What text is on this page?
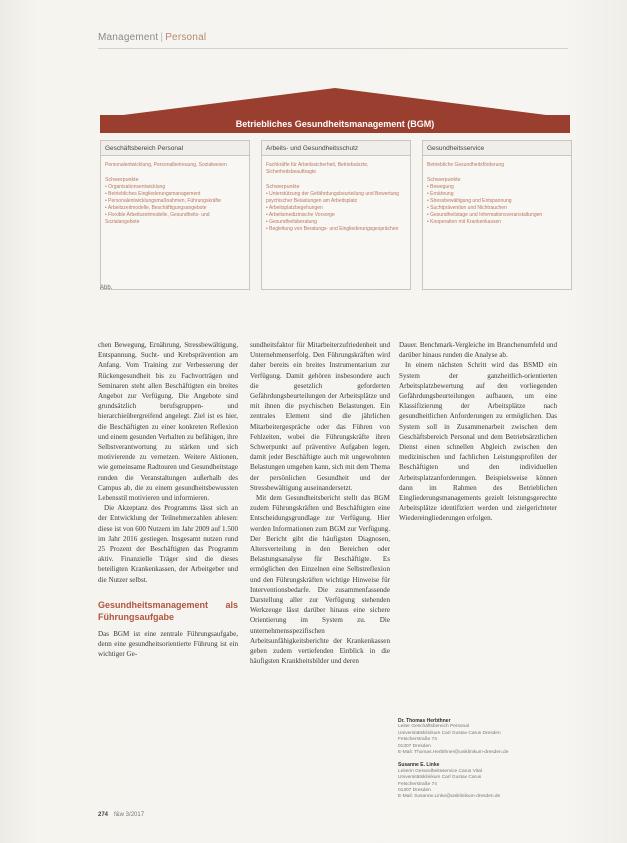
Management | Personal
Betriebliches Gesundheitsmanagement (BGM)
Geschäftsbereich Personal
Personalentwicklung, Personalbetreuung, Sozialwesen
Schwerpunkte
• Organisationsentwicklung
• Betriebliches Eingliederungsmanagement
• Personalentwicklungsmaßnahmen, Führungskräfte
• Arbeitszeitmodelle, Beschäftigungsangebote
• Flexible Arbeitszeitmodelle, Gesundheits- und Sozialangebote
Arbeits- und Gesundheitsschutz
Fachkräfte für Arbeitssicherheit, Betriebsärzte, Sicherheitsbeauftragte
Schwerpunkte
• Unterstützung der Gefährdungsbeurteilung und Bewertung psychischer Belastungen am Arbeitsplatz
• Arbeitsplatzbegehungen
• Arbeitsmedizinische Vorsorge
• Gesundheitsberatung
• Begleitung von Beratungs- und Eingliederungsgesprächen
Gesundheitsservice
Betriebliche Gesundheitsförderung
Schwerpunkte
• Bewegung
• Ernährung
• Stressbewältigung und Entspannung
• Suchtprävention und Nichtrauchen
• Gesundheitstage und Informationsveranstaltungen
• Kooperation mit Krankenkassen
Abb.

chen Bewegung, Ernährung, Stressbewältigung, Entspannung, Sucht- und Krebsprävention am Anfang. Vom Training zur Verbesserung der Rückengesundheit bis zu Fachvorträgen und Seminaren steht allen Beschäftigten ein breites Angebot zur Verfügung. Die Angebote sind grundsätzlich berufsgruppen- und hierarchieübergreifend angelegt. Ziel ist es hier, die Beschäftigten zu einer konkreten Reflexion und einem gesunden Verhalten zu befähigen, ihre Selbstverantwortung zu stärken und sich motivierende zu vernetzen. Weitere Aktionen, wie gemeinsame Radtouren und Gesundheitstage runden die Veranstaltungen außerhalb des Campus ab, die zu einem gesundheitsbewussten Lebensstil motivieren und informieren.

Die Akzeptanz des Programms lässt sich an der Entwicklung der Teilnehmerzahlen ablesen: diese ist von 600 Nutzern im Jahr 2009 auf 1.500 im Jahr 2016 gestiegen. Insgesamt nutzen rund 25 Prozent der Beschäftigten das Programm aktiv. Finanzielle Träger sind die dieses beteiligten Krankenkassen, der Arbeitgeber und die Nutzer selbst.

Gesundheitsmanagement als Führungsaufgabe

Das BGM ist eine zentrale Führungsaufgabe, denn eine gesundheitsorientierte Führung ist ein wichtiger Ge-

sundheitsfaktor für Mitarbeiterzufriedenheit und Unternehmenserfolg. Den Führungskräften wird daher bereits ein breites Instrumentarium zur Verfügung. Damit gehören insbesondere auch die gesetzlich geforderten Gefährdungsbeurteilungen der Arbeitsplätze und mit ihnen die psychischen Belastungen. Ein zentrales Element sind die jährlichen Mitarbeitergespräche oder das Führen von Fehlzeiten, wobei die Führungskräfte ihren Schwerpunkt auf präventive Aufgaben legen, damit jeder Beschäftigte auch mit ungewohnten Belastungen umgehen kann, sich mit dem Thema der persönlichen Gesundheit und der Stressbewältigung auseinandersetzt.

Mit dem Gesundheitsbericht stellt das BGM zudem Führungskräften und Beschäftigten eine Entscheidungsgrundlage zur Verfügung. Hier werden Informationen zum BGM zur Verfügung. Der Bericht gibt die häufigsten Diagnosen, Altersverteilung in den Bereichen oder Belastungsanalyse für Beschäftigte. Es ermöglichen den Einzelnen eine Selbstreflexion und den Führungskräften wichtige Hinweise für Interventionsbedarfe. Die zusammenfassende Darstellung aller zur Verfügung stehenden Werkzeuge lässt darüber hinaus eine sichere Orientierung im System zu. Die unternehmensspezifischen Arbeitsunfähigkeitsberichte der Krankenkassen geben zudem vertiefenden Einblick in die häufigsten Krankheitsbilder und deren

Dauer. Benchmark-Vergleiche im Branchenumfeld und darüber hinaus runden die Analyse ab.

In einem nächsten Schritt wird das BSMD ein System der ganzheitlich-orientierten Arbeitsplatzbewertung auf den vorliegenden Gefährdungsbeurteilungen aufbauen, um eine Klassifizierung der Arbeitsplätze nach gesundheitlichen Anforderungen zu ermöglichen. Das System soll in Zusammenarbeit zwischen dem Geschäftsbereich Personal und dem Betriebsärztlichen Dienst einen schnellen Abgleich zwischen den medizinischen und fachlichen Leistungsprofilen der Beschäftigten und den individuellen Arbeitsplatzanforderungen. Beispielsweise können dann im Rahmen des Betrieblichen Eingliederungsmanagements gezielt leistungsgerechte Arbeitsplätze identifiziert werden und zielgerichteter Wiedereingliederungen erfolgen.

Dr. Thomas Herbthner
Leiter Geschäftsbereich Personal
Universitätsklinikum Carl Gustav Carus Dresden
Fetscherstraße 74
01307 Dresden
E-Mail: Thomas.Herbthner@uniklinikum-dresden.de
Susanne E. Linke
Leiterin Gesundheitsservice Carus Vital
Universitätsklinikum Carl Gustav Carus
Fetscherstraße 74
01307 Dresden
E-Mail: Susanne.Linke@uniklinikum-dresden.de
274 f&w 3/2017
